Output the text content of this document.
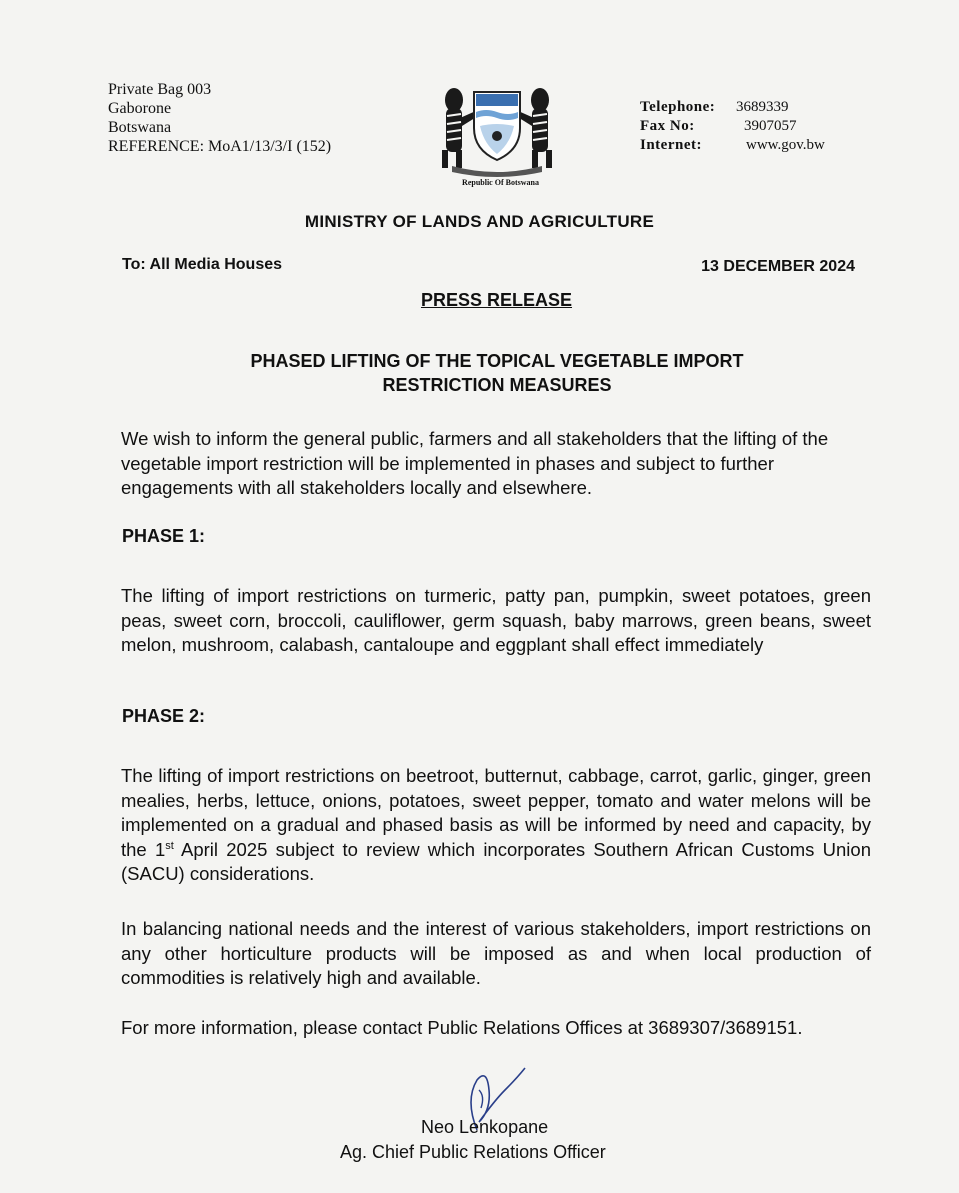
Private Bag 003
Gaborone
Botswana
REFERENCE: MoA1/13/3/I (152)
Republic Of Botswana
Telephone:	3689339
Fax No:	3907057
Internet:	www.gov.bw
MINISTRY OF LANDS AND AGRICULTURE
To: All Media Houses	13 DECEMBER 2024
PRESS RELEASE
PHASED LIFTING OF THE TOPICAL VEGETABLE IMPORT
RESTRICTION MEASURES
We wish to inform the general public, farmers and all stakeholders that the lifting of the vegetable import restriction will be implemented in phases and subject to further engagements with all stakeholders locally and elsewhere.
PHASE 1:
The lifting of import restrictions on turmeric, patty pan, pumpkin, sweet potatoes, green peas, sweet corn, broccoli, cauliflower, germ squash, baby marrows, green beans, sweet melon, mushroom, calabash, cantaloupe and eggplant shall effect immediately
PHASE 2:
The lifting of import restrictions on beetroot, butternut, cabbage, carrot, garlic, ginger, green mealies, herbs, lettuce, onions, potatoes, sweet pepper, tomato and water melons will be implemented on a gradual and phased basis as will be informed by need and capacity, by the 1st April 2025 subject to review which incorporates Southern African Customs Union (SACU) considerations.
In balancing national needs and the interest of various stakeholders, import restrictions on any other horticulture products will be imposed as and when local production of commodities is relatively high and available.
For more information, please contact Public Relations Offices at 3689307/3689151.
Neo Lenkopane
Ag. Chief Public Relations Officer
